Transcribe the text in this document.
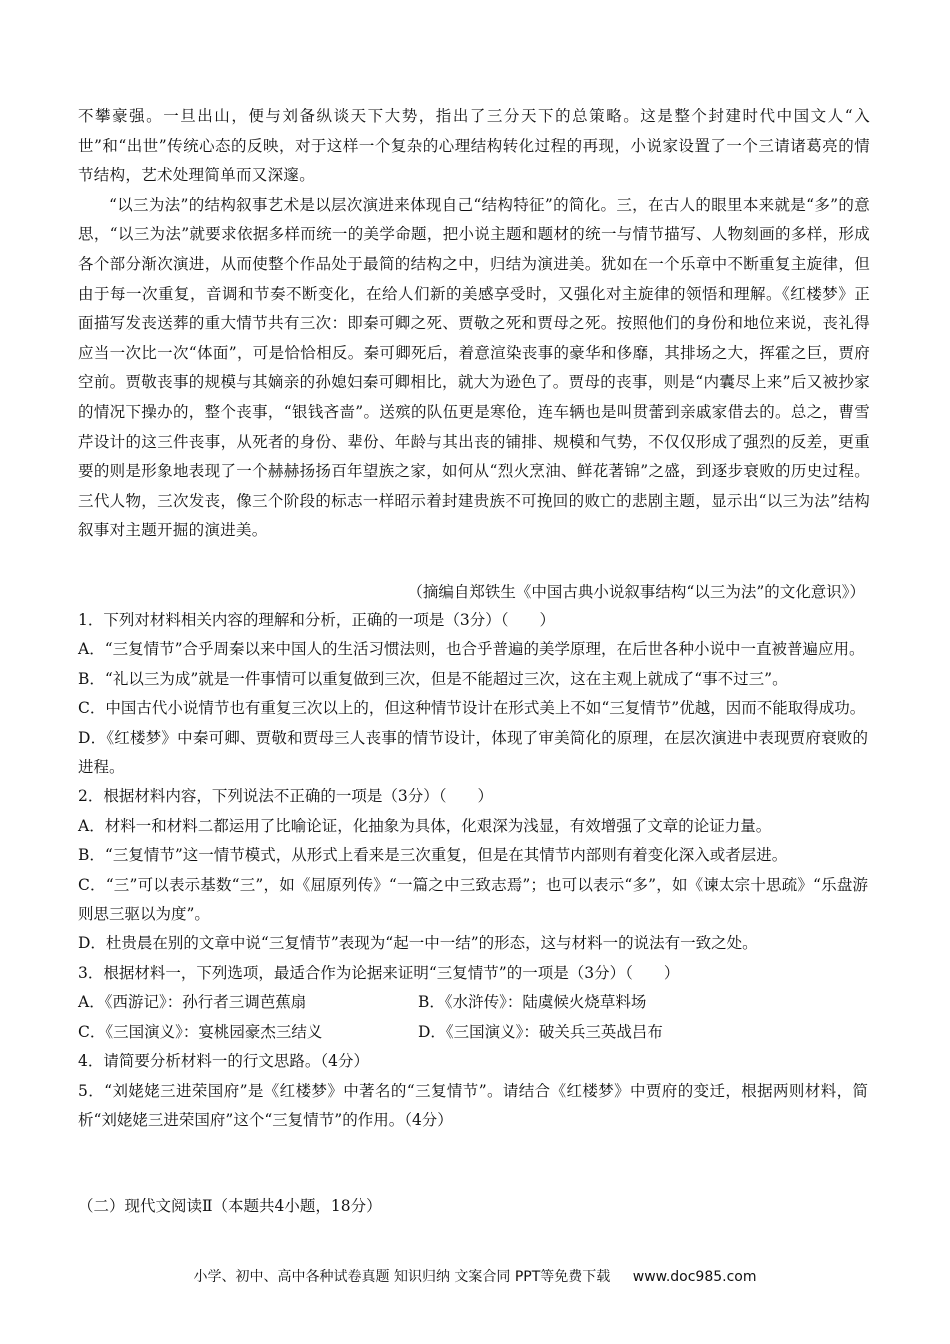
不攀豪强。一旦出山，便与刘备纵谈天下大势，指出了三分天下的总策略。这是整个封建时代中国文人“入世”和“出世”传统心态的反映，对于这样一个复杂的心理结构转化过程的再现，小说家设置了一个三请诸葛亮的情节结构，艺术处理简单而又深邃。

“以三为法”的结构叙事艺术是以层次演进来体现自己“结构特征”的简化。三，在古人的眼里本来就是“多”的意思，“以三为法”就要求依据多样而统一的美学命题，把小说主题和题材的统一与情节描写、人物刻画的多样，形成各个部分渐次演进，从而使整个作品处于最简的结构之中，归结为演进美。犹如在一个乐章中不断重复主旋律，但由于每一次重复，音调和节奏不断变化，在给人们新的美感享受时，又强化对主旋律的领悟和理解。《红楼梦》正面描写发丧送葬的重大情节共有三次：即秦可卿之死、贾敬之死和贾母之死。按照他们的身份和地位来说，丧礼得应当一次比一次“体面”，可是恰恰相反。秦可卿死后，着意渲染丧事的豪华和侈靡，其排场之大，挥霍之巨，贾府空前。贾敬丧事的规模与其嫡亲的孙媳妇秦可卿相比，就大为逊色了。贾母的丧事，则是“内囊尽上来”后又被抄家的情况下操办的，整个丧事，“银钱吝啬”。送殡的队伍更是寒伧，连车辆也是叫贯蕾到亲戚家借去的。总之，曹雪芹设计的这三件丧事，从死者的身份、辈份、年龄与其出丧的铺排、规模和气势，不仅仅形成了强烈的反差，更重要的则是形象地表现了一个赫赫扬扬百年望族之家，如何从“烈火烹油、鲜花著锦”之盛，到逐步衰败的历史过程。三代人物，三次发丧，像三个阶段的标志一样昭示着封建贵族不可挽回的败亡的悲剧主题，显示出“以三为法”结构叙事对主题开掘的演进美。

（摘编自郑铁生《中国古典小说叙事结构“以三为法”的文化意识》）

1．下列对材料相关内容的理解和分析，正确的一项是（3分）（　　）

A．“三复情节”合乎周秦以来中国人的生活习惯法则，也合乎普遍的美学原理，在后世各种小说中一直被普遍应用。

B．“礼以三为成”就是一件事情可以重复做到三次，但是不能超过三次，这在主观上就成了“事不过三”。

C．中国古代小说情节也有重复三次以上的，但这种情节设计在形式美上不如“三复情节”优越，因而不能取得成功。

D．《红楼梦》中秦可卿、贾敬和贾母三人丧事的情节设计，体现了审美简化的原理，在层次演进中表现贾府衰败的进程。

2．根据材料内容，下列说法不正确的一项是（3分）（　　）

A．材料一和材料二都运用了比喻论证，化抽象为具体，化艰深为浅显，有效增强了文章的论证力量。

B．“三复情节”这一情节模式，从形式上看来是三次重复，但是在其情节内部则有着变化深入或者层进。

C．“三”可以表示基数“三”，如《屈原列传》“一篇之中三致志焉”；也可以表示“多”，如《谏太宗十思疏》“乐盘游则思三驱以为度”。

D．杜贵晨在别的文章中说“三复情节”表现为“起一中一结”的形态，这与材料一的说法有一致之处。

3．根据材料一，下列选项，最适合作为论据来证明“三复情节”的一项是（3分）（　　）

A．《西游记》：孙行者三调芭蕉扇	B．《水浒传》：陆虞候火烧草料场
C．《三国演义》：宴桃园豪杰三结义	D．《三国演义》：破关兵三英战吕布

4．请简要分析材料一的行文思路。（4分）

5．“刘姥姥三进荣国府”是《红楼梦》中著名的“三复情节”。请结合《红楼梦》中贾府的变迁，根据两则材料，简析“刘姥姥三进荣国府”这个“三复情节”的作用。（4分）

（二）现代文阅读Ⅱ（本题共4小题，18分）
小学、初中、高中各种试卷真题 知识归纳 文案合同 PPT等免费下载 www.doc985.com
